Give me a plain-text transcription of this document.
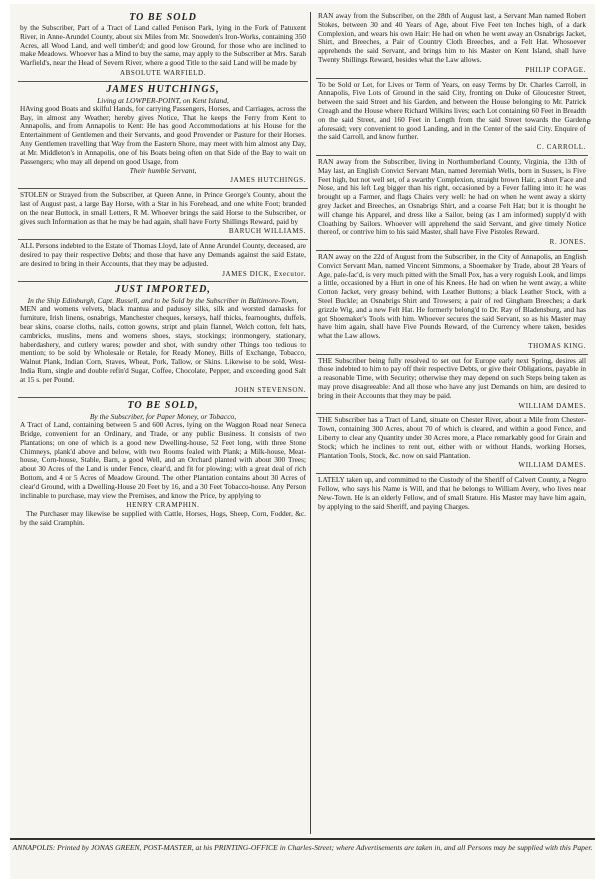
e
TO BE SOLD

by the Subscriber, Part of a Tract of Land called Penison Park, lying in the Fork of Patuxent River, in Anne-Arundel County, about six Miles from Mr. Snowden's Iron-Works, containing 350 Acres, all Wood Land, and well timber'd; and good low Ground, for those who are inclined to make Meadows. Whoever has a Mind to buy the same, may apply to the Subscriber at Mrs. Sarah Warfield's, near the Head of Severn River, where a good Title to the said Land will be made by

ABSOLUTE WARFIELD.
JAMES HUTCHINGS,
Living at LOWPER-POINT, on Kent Island,

HAving good Boats and skilful Hands, for carrying Passengers, Horses, and Carriages, across the Bay, in almost any Weather; hereby gives Notice, That he keeps the Ferry from Kent to Annapolis, and from Annapolis to Kent: He has good Accommodations at his House for the Entertainment of Gentlemen and their Servants, and good Provender or Pasture for their Horses. Any Gentlemen travelling that Way from the Eastern Shore, may meet with him almost any Day, at Mr. Middleton's in Annapolis, one of his Boats being often on that Side of the Bay to wait on Passengers; who may all depend on good Usage, from

Their humble Servant,
JAMES HUTCHINGS.

STOLEN or Strayed from the Subscriber, at Queen Anne, in Prince George's County, about the last of August past, a large Bay Horse, with a Star in his Forehead, and one white Foot; branded on the near Buttock, in small Letters, R M. Whoever brings the said Horse to the Subscriber, or gives such Information as that he may be had again, shall have Forty Shillings Reward, paid by

BARUCH WILLIAMS.

ALL Persons indebted to the Estate of Thomas Lloyd, late of Anne Arundel County, deceased, are desired to pay their respective Debts; and those that have any Demands against the said Estate, are desired to bring in their Accounts, that they may be adjusted.

JAMES DICK, Executor.
JUST IMPORTED,
In the Ship Edinburgh, Capt. Russell, and to be Sold by the Subscriber in Baltimore-Town,

MEN and womens velvets, black mantua and padusoy silks, silk and worsted damasks for furniture, Irish linens, osnabrigs, Manchester cheques, kerseys, half thicks, fearnoughts, duffels, bear skins, coarse cloths, nails, cotton gowns, stript and plain flannel, Welch cotton, felt hats, cambricks, muslins, mens and womens shoes, stays, stockings; ironmongery, stationary, haberdashery, and cutlery wares; powder and shot, with sundry other Things too tedious to mention; to be sold by Wholesale or Retale, for Ready Money, Bills of Exchange, Tobacco, Walnut Plank, Indian Corn, Staves, Wheat, Pork, Tallow, or Skins. Likewise to be sold, West-India Rum, single and double refin'd Sugar, Coffee, Chocolate, Pepper, and exceeding good Salt at 15 s. per Pound.

JOHN STEVENSON.
TO BE SOLD,
By the Subscriber, for Paper Money, or Tobacco,

A Tract of Land, containing between 5 and 600 Acres, lying on the Waggon Road near Seneca Bridge, convenient for an Ordinary, and Trade, or any public Business. It consists of two Plantations; on one of which is a good new Dwelling-house, 52 Feet long, with three Stone Chimneys, plank'd above and below, with two Rooms fealed with Plank; a Milk-house, Meat-house, Corn-house, Stable, Barn, a good Well, and an Orchard planted with about 300 Trees; about 30 Acres of the Land is under Fence, clear'd, and fit for plowing; with a great deal of rich Bottom, and 4 or 5 Acres of Meadow Ground. The other Plantation contains about 30 Acres of clear'd Ground, with a Dwelling-House 20 Feet by 16, and a 30 Feet Tobacco-house. Any Person inclinable to purchase, may view the Premises, and know the Price, by applying to

HENRY CRAMPHIN.

The Purchaser may likewise be supplied with Cattle, Horses, Hogs, Sheep, Corn, Fodder, &c. by the said Cramphin.

RAN away from the Subscriber, on the 28th of August last, a Servant Man named Robert Stokes, between 30 and 40 Years of Age, about Five Feet ten Inches high, of a dark Complexion, and wears his own Hair: He had on when he went away an Osnabrigs Jacket, Shirt, and Breeches, a Pair of Country Cloth Breeches, and a Felt Hat. Whosoever apprehends the said Servant, and brings him to his Master on Kent Island, shall have Twenty Shillings Reward, besides what the Law allows.

PHILIP COPAGE.

To be Sold or Let, for Lives or Term of Years, on easy Terms by Dr. Charles Carroll, in Annapolis, Five Lots of Ground in the said City, fronting on Duke of Gloucester Street, between the said Street and his Garden, and between the House belonging to Mr. Patrick Creagh and the House where Richard Wilkins lives; each Lot containing 60 Feet in Breadth on the said Street, and 160 Feet in Length from the said Street towards the Garden aforesaid; very convenient to good Landing, and in the Center of the said City. Enquire of the said Carroll, and know further.

C. CARROLL.

RAN away from the Subscriber, living in Northumberland County, Virginia, the 13th of May last, an English Convict Servant Man, named Jeremiah Wells, born in Sussex, is Five Feet high, but not well set, of a swarthy Complexion, straight brown Hair, a short Face and Nose, and his left Leg bigger than his right, occasioned by a Fever falling into it: he was brought up a Farmer, and flags Chairs very well: he had on when he went away a skirty grey Jacket and Breeches, an Osnabrigs Shirt, and a coarse Felt Hat; but it is thought he will change his Apparel, and dress like a Sailor, being (as I am informed) supply'd with Cloathing by Sailors. Whoever will apprehend the said Servant, and give timely Notice thereof, or contrive him to his said Master, shall have Five Pistoles Reward.

R. JONES.

RAN away on the 22d of August from the Subscriber, in the City of Annapolis, an English Convict Servant Man, named Vincent Simmons, a Shoemaker by Trade, about 28 Years of Age, pale-fac'd, is very much pitted with the Small Pox, has a very roguish Look, and limps a little, occasioned by a Hurt in one of his Knees. He had on when he went away, a white Cotton Jacket, very greasy behind, with Leather Buttons; a black Leather Stock, with a Steel Buckle; an Osnabrigs Shirt and Trowsers; a pair of red Gingham Breeches; a dark grizzle Wig, and a new Felt Hat. He formerly belong'd to Dr. Ray of Bladensburg, and has got Shoemaker's Tools with him. Whoever secures the said Servant, so as his Master may have him again, shall have Five Pounds Reward, of the Currency where taken, besides what the Law allows.

THOMAS KING.

THE Subscriber being fully resolved to set out for Europe early next Spring, desires all those indebted to him to pay off their respective Debts, or give their Obligations, payable in a reasonable Time, with Security; otherwise they may depend on such Steps being taken as may prove disagreeable: And all those who have any just Demands on him, are desired to bring in their Accounts that they may be paid.

WILLIAM DAMES.

THE Subscriber has a Tract of Land, situate on Chester River, about a Mile from Chester-Town, containing 300 Acres, about 70 of which is cleared, and within a good Fence, and Liberty to clear any Quantity under 30 Acres more, a Place remarkably good for Grain and Stock; which he inclines to rent out, either with or without Hands, working Horses, Plantation Tools, Stock, &c. now on said Plantation.

WILLIAM DAMES.

LATELY taken up, and committed to the Custody of the Sheriff of Calvert County, a Negro Fellow, who says his Name is Will, and that he belongs to William Avery, who lives near New-Town. He is an elderly Fellow, and of small Stature. His Master may have him again, by applying to the said Sheriff, and paying Charges.

ANNAPOLIS: Printed by JONAS GREEN, POST-MASTER, at his PRINTING-OFFICE in Charles-Street; where Advertisements are taken in, and all Persons may be supplied with this Paper.
